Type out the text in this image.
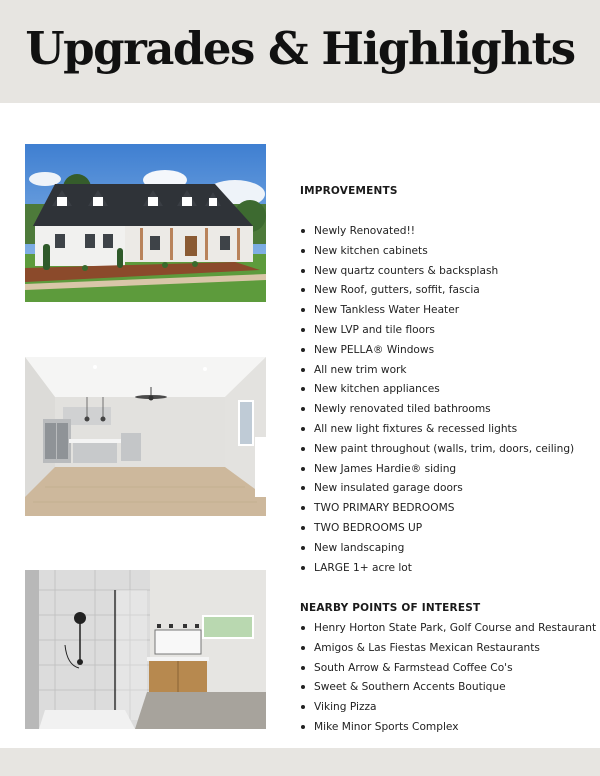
Upgrades & Highlights
IMPROVEMENTS
Newly Renovated!!
New kitchen cabinets
New quartz counters & backsplash
New Roof, gutters, soffit, fascia
New Tankless Water Heater
New LVP and tile floors
New PELLA® Windows
All new trim work
New kitchen appliances
Newly renovated tiled bathrooms
All new light fixtures & recessed lights
New paint throughout (walls, trim, doors, ceiling)
New James Hardie® siding
New insulated garage doors
TWO PRIMARY BEDROOMS
TWO BEDROOMS UP
New landscaping
LARGE 1+ acre lot
NEARBY POINTS OF INTEREST
Henry Horton State Park, Golf Course and Restaurant
Amigos & Las Fiestas Mexican Restaurants
South Arrow & Farmstead Coffee Co's
Sweet & Southern Accents Boutique
Viking Pizza
Mike Minor Sports Complex
